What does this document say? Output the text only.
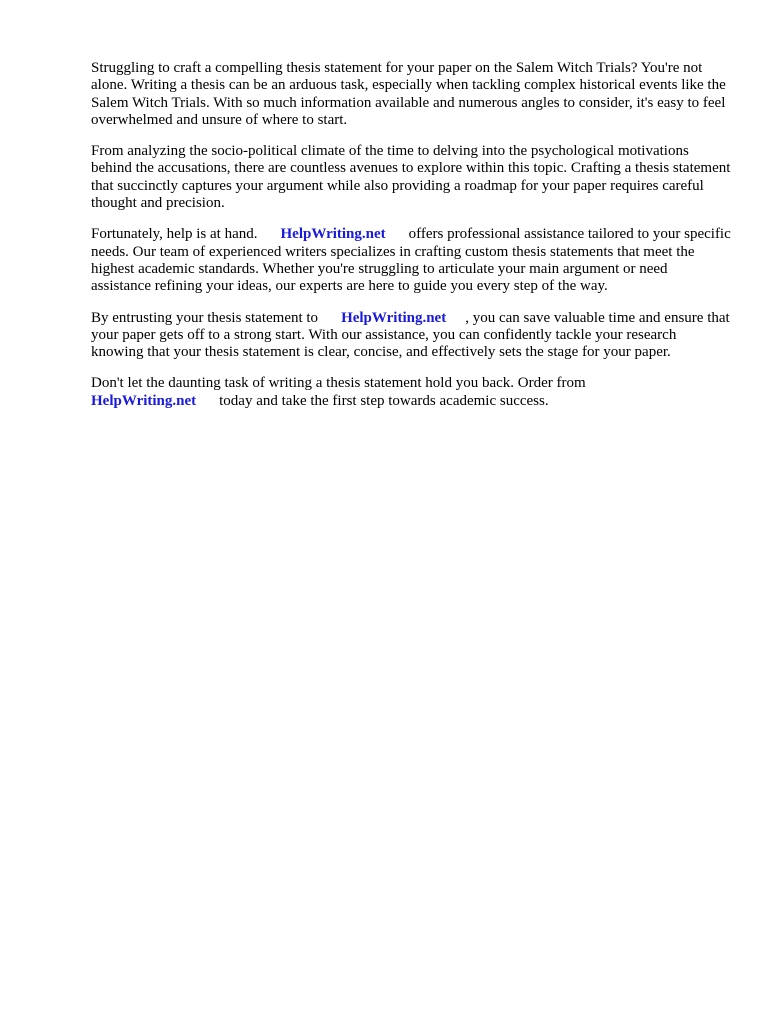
Struggling to craft a compelling thesis statement for your paper on the Salem Witch Trials? You're not alone. Writing a thesis can be an arduous task, especially when tackling complex historical events like the Salem Witch Trials. With so much information available and numerous angles to consider, it's easy to feel overwhelmed and unsure of where to start.

From analyzing the socio-political climate of the time to delving into the psychological motivations behind the accusations, there are countless avenues to explore within this topic. Crafting a thesis statement that succinctly captures your argument while also providing a roadmap for your paper requires careful thought and precision.

Fortunately, help is at hand. HelpWriting.net offers professional assistance tailored to your specific needs. Our team of experienced writers specializes in crafting custom thesis statements that meet the highest academic standards. Whether you're struggling to articulate your main argument or need assistance refining your ideas, our experts are here to guide you every step of the way.

By entrusting your thesis statement to HelpWriting.net , you can save valuable time and ensure that your paper gets off to a strong start. With our assistance, you can confidently tackle your research knowing that your thesis statement is clear, concise, and effectively sets the stage for your paper.

Don't let the daunting task of writing a thesis statement hold you back. Order from
HelpWriting.net today and take the first step towards academic success.
